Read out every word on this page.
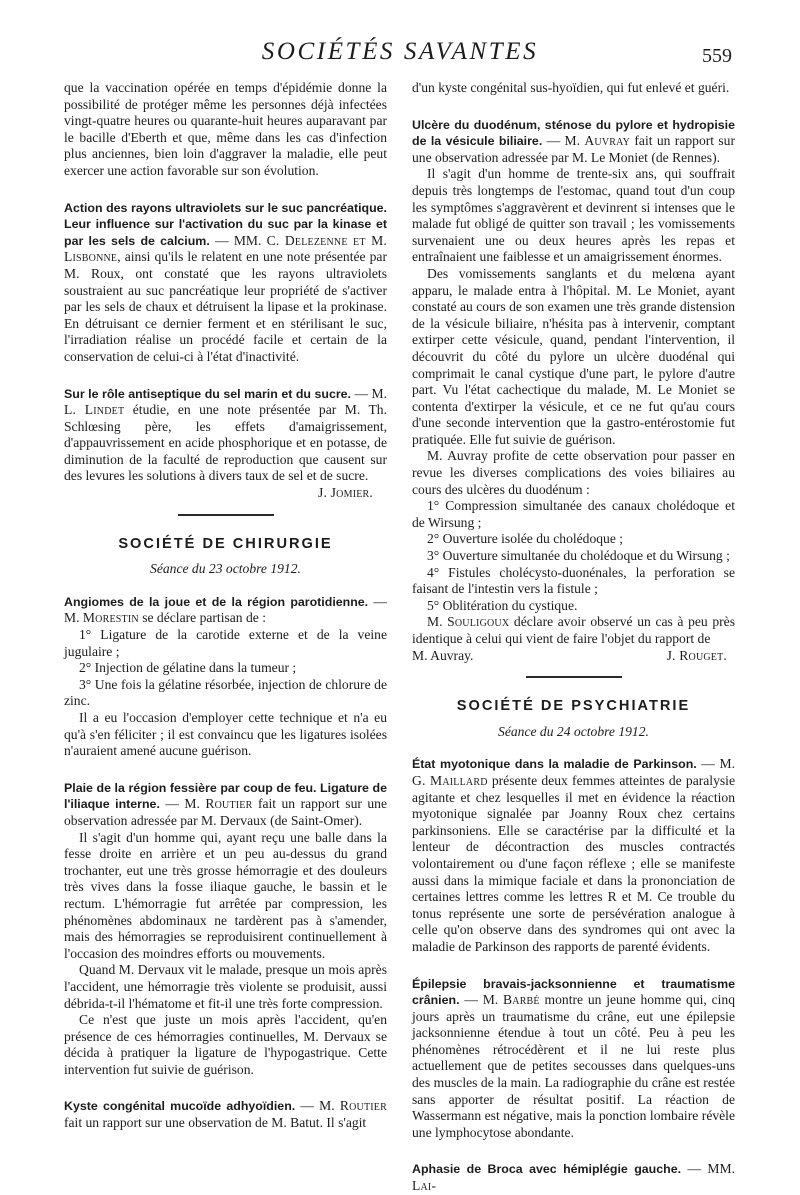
SOCIÉTÉS SAVANTES	559

que la vaccination opérée en temps d'épidémie donne la possibilité de protéger même les personnes déjà infectées vingt-quatre heures ou quarante-huit heures auparavant par le bacille d'Eberth et que, même dans les cas d'infection plus anciennes, bien loin d'aggraver la maladie, elle peut exercer une action favorable sur son évolution.

Action des rayons ultraviolets sur le suc pancréatique. Leur influence sur l'activation du suc par la kinase et par les sels de calcium. — MM. C. Delezenne et M. Lisbonne, ainsi qu'ils le relatent en une note présentée par M. Roux, ont constaté que les rayons ultraviolets soustraient au suc pancréatique leur propriété de s'activer par les sels de chaux et détruisent la lipase et la prokinase. En détruisant ce dernier ferment et en stérilisant le suc, l'irradiation réalise un procédé facile et certain de la conservation de celui-ci à l'état d'inactivité.

Sur le rôle antiseptique du sel marin et du sucre. — M. L. Lindet étudie, en une note présentée par M. Th. Schlœsing père, les effets d'amaigrissement, d'appauvrissement en acide phosphorique et en potasse, de diminution de la faculté de reproduction que causent sur des levures les solutions à divers taux de sel et de sucre.

J. Jomier.

SOCIÉTÉ DE CHIRURGIE
Séance du 23 octobre 1912.

Angiomes de la joue et de la région parotidienne. — M. Morestin se déclare partisan de :

1° Ligature de la carotide externe et de la veine jugulaire ;

2° Injection de gélatine dans la tumeur ;

3° Une fois la gélatine résorbée, injection de chlorure de zinc.

Il a eu l'occasion d'employer cette technique et n'a eu qu'à s'en féliciter ; il est convaincu que les ligatures isolées n'auraient amené aucune guérison.

Plaie de la région fessière par coup de feu. Ligature de l'iliaque interne. — M. Routier fait un rapport sur une observation adressée par M. Dervaux (de Saint-Omer).

Il s'agit d'un homme qui, ayant reçu une balle dans la fesse droite en arrière et un peu au-dessus du grand trochanter, eut une très grosse hémorragie et des douleurs très vives dans la fosse iliaque gauche, le bassin et le rectum. L'hémorragie fut arrêtée par compression, les phénomènes abdominaux ne tardèrent pas à s'amender, mais des hémorragies se reproduisirent continuellement à l'occasion des moindres efforts ou mouvements.

Quand M. Dervaux vit le malade, presque un mois après l'accident, une hémorragie très violente se produisit, aussi débrida-t-il l'hématome et fit-il une très forte compression.

Ce n'est que juste un mois après l'accident, qu'en présence de ces hémorragies continuelles, M. Dervaux se décida à pratiquer la ligature de l'hypogastrique. Cette intervention fut suivie de guérison.

Kyste congénital mucoïde adhyoïdien. — M. Routier fait un rapport sur une observation de M. Batut. Il s'agit

d'un kyste congénital sus-hyoïdien, qui fut enlevé et guéri.

Ulcère du duodénum, sténose du pylore et hydropisie de la vésicule biliaire. — M. Auvray fait un rapport sur une observation adressée par M. Le Moniet (de Rennes).

Il s'agit d'un homme de trente-six ans, qui souffrait depuis très longtemps de l'estomac, quand tout d'un coup les symptômes s'aggravèrent et devinrent si intenses que le malade fut obligé de quitter son travail ; les vomissements survenaient une ou deux heures après les repas et entraînaient une faiblesse et un amaigrissement énormes.

Des vomissements sanglants et du melœna ayant apparu, le malade entra à l'hôpital. M. Le Moniet, ayant constaté au cours de son examen une très grande distension de la vésicule biliaire, n'hésita pas à intervenir, comptant extirper cette vésicule, quand, pendant l'intervention, il découvrit du côté du pylore un ulcère duodénal qui comprimait le canal cystique d'une part, le pylore d'autre part. Vu l'état cachectique du malade, M. Le Moniet se contenta d'extirper la vésicule, et ce ne fut qu'au cours d'une seconde intervention que la gastro-entérostomie fut pratiquée. Elle fut suivie de guérison.

M. Auvray profite de cette observation pour passer en revue les diverses complications des voies biliaires au cours des ulcères du duodénum :

1° Compression simultanée des canaux cholédoque et de Wirsung ;

2° Ouverture isolée du cholédoque ;

3° Ouverture simultanée du cholédoque et du Wirsung ;

4° Fistules cholécysto-duonénales, la perforation se faisant de l'intestin vers la fistule ;

5° Oblitération du cystique.

M. Souligoux déclare avoir observé un cas à peu près identique à celui qui vient de faire l'objet du rapport de

M. Auvray.	J. Rouget.
SOCIÉTÉ DE PSYCHIATRIE
Séance du 24 octobre 1912.

État myotonique dans la maladie de Parkinson. — M. G. Maillard présente deux femmes atteintes de paralysie agitante et chez lesquelles il met en évidence la réaction myotonique signalée par Joanny Roux chez certains parkinsoniens. Elle se caractérise par la difficulté et la lenteur de décontraction des muscles contractés volontairement ou d'une façon réflexe ; elle se manifeste aussi dans la mimique faciale et dans la prononciation de certaines lettres comme les lettres R et M. Ce trouble du tonus représente une sorte de persévération analogue à celle qu'on observe dans des syndromes qui ont avec la maladie de Parkinson des rapports de parenté évidents.

Épilepsie bravais-jacksonnienne et traumatisme crânien. — M. Barbé montre un jeune homme qui, cinq jours après un traumatisme du crâne, eut une épilepsie jacksonnienne étendue à tout un côté. Peu à peu les phénomènes rétrocédèrent et il ne lui reste plus actuellement que de petites secousses dans quelques-uns des muscles de la main. La radiographie du crâne est restée sans apporter de résultat positif. La réaction de Wassermann est négative, mais la ponction lombaire révèle une lymphocytose abondante.

Aphasie de Broca avec hémiplégie gauche. — MM. Lai-
